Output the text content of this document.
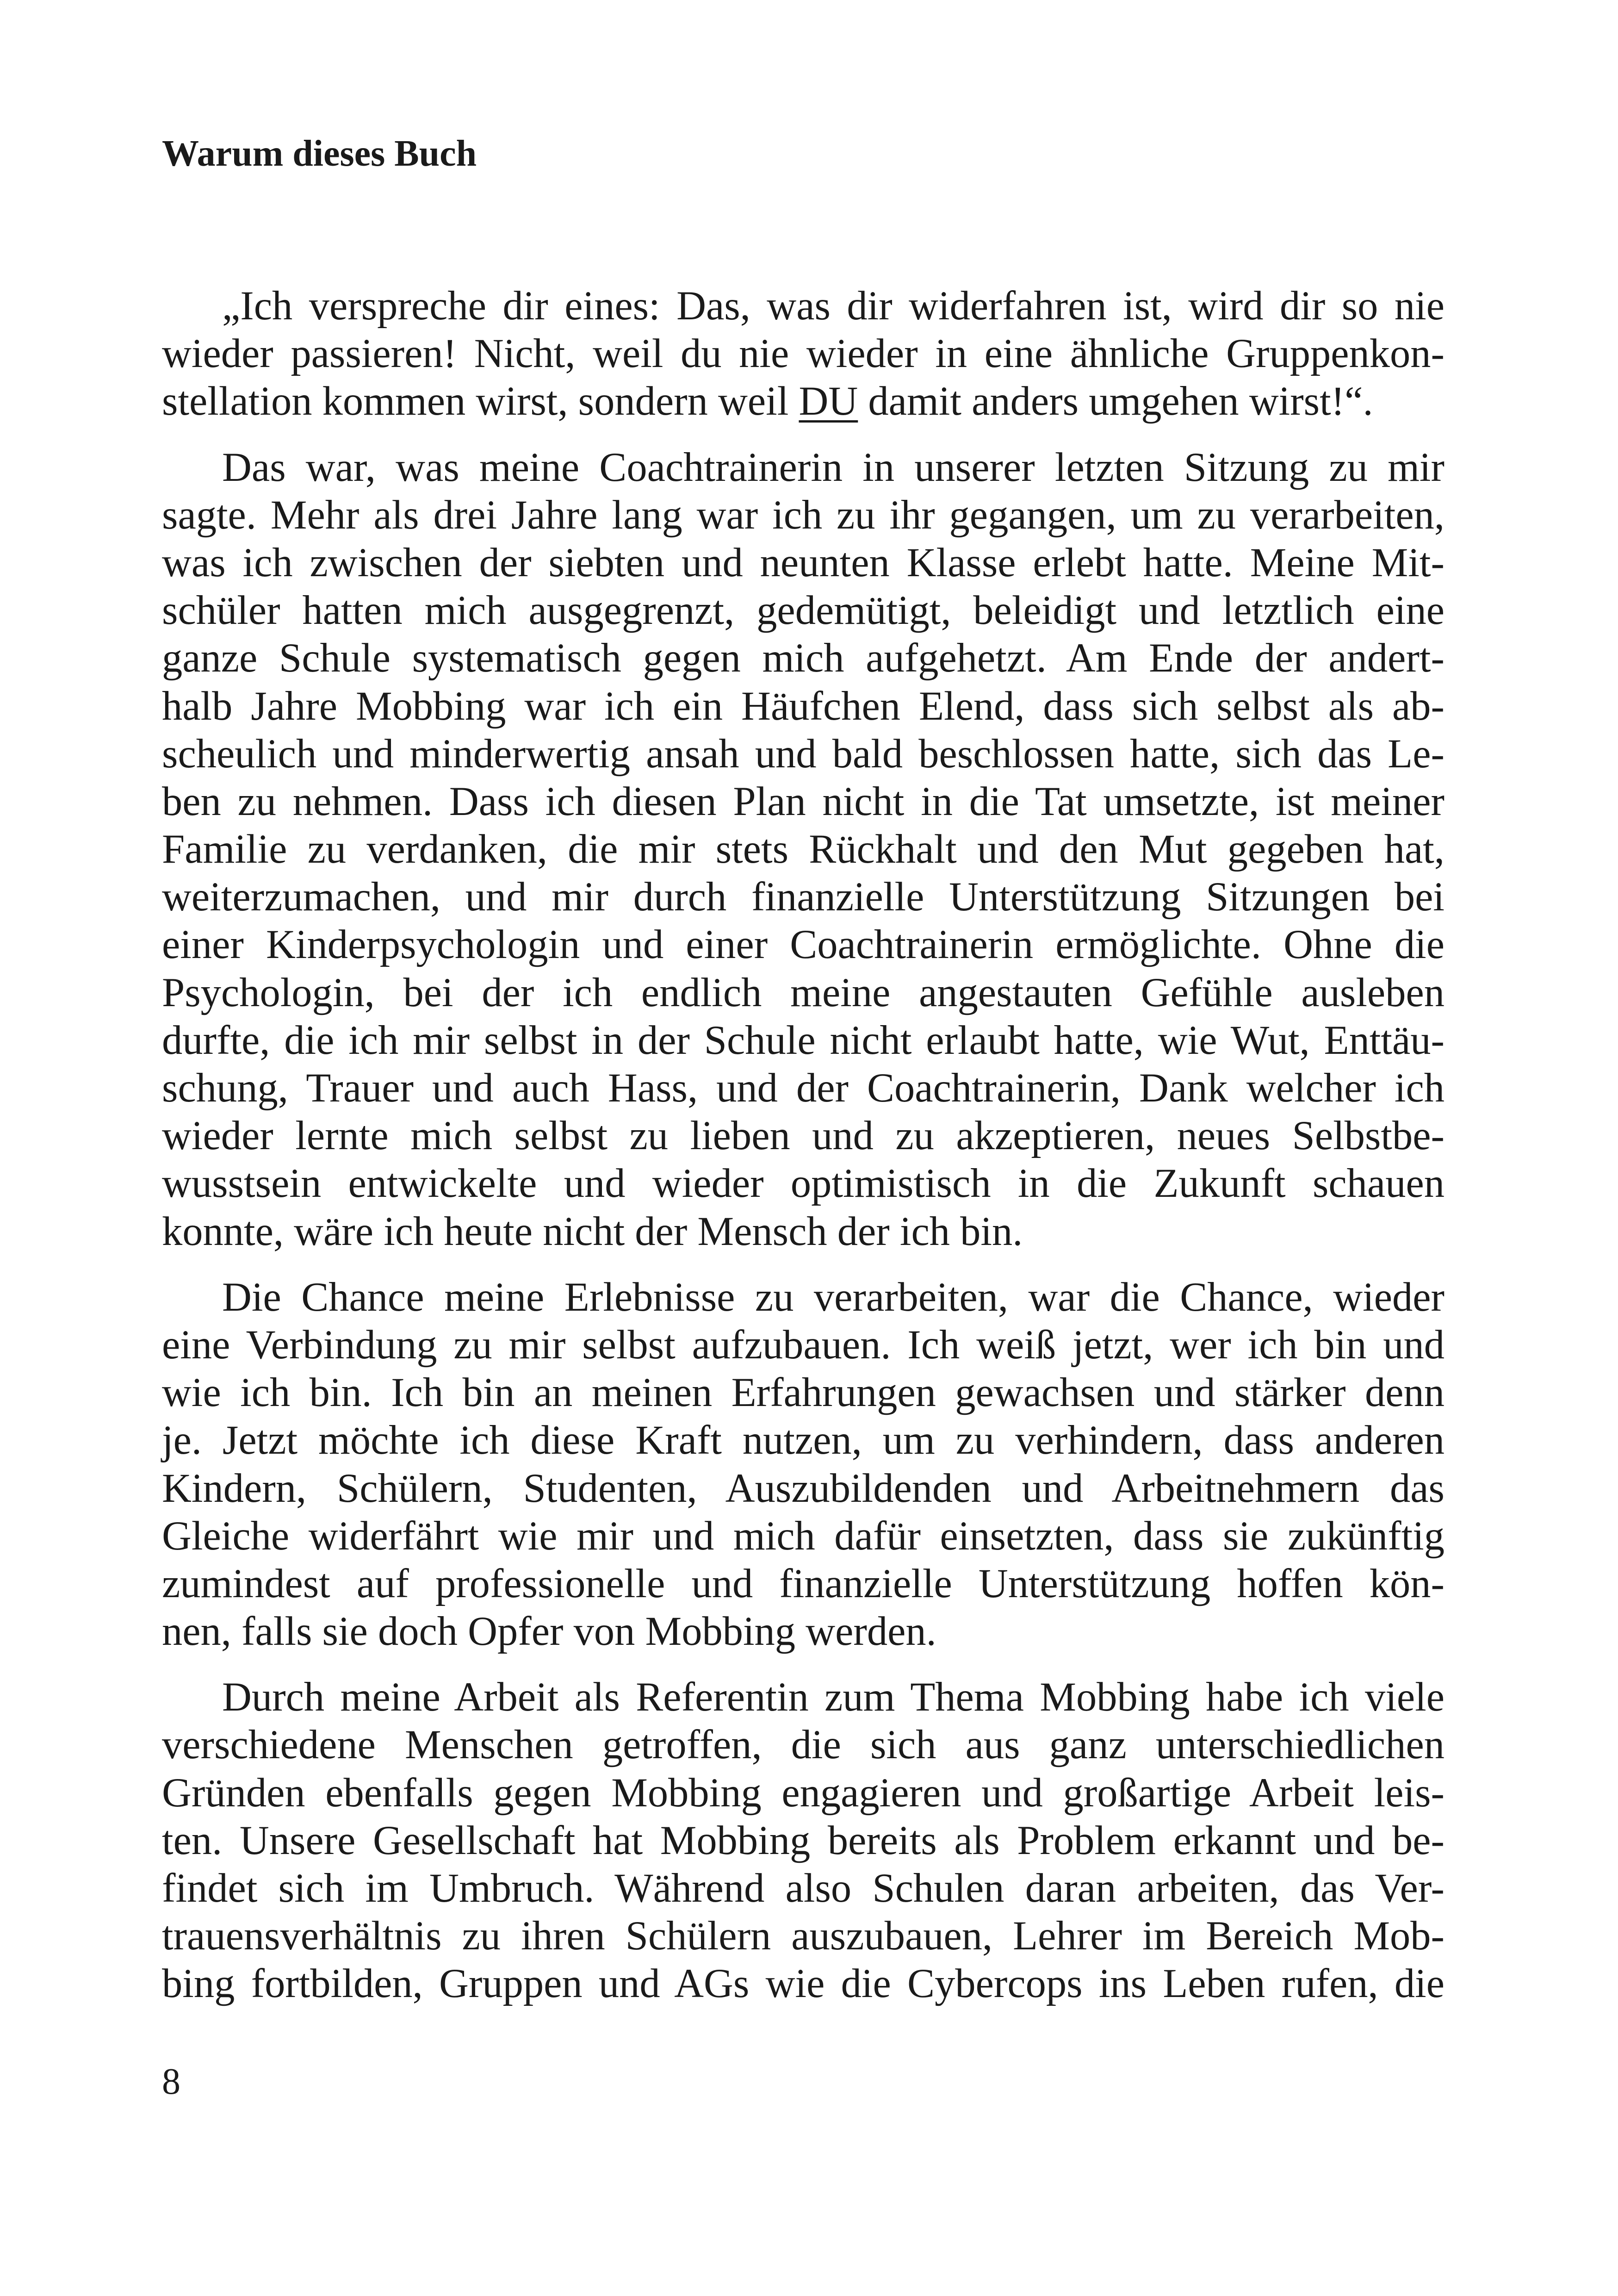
Warum dieses Buch

„Ich verspreche dir eines: Das, was dir widerfahren ist, wird dir so nie
wieder passieren! Nicht, weil du nie wieder in eine ähnliche Gruppenkon-
stellation kommen wirst, sondern weil DU damit anders umgehen wirst!“.

Das war, was meine Coachtrainerin in unserer letzten Sitzung zu mir
sagte. Mehr als drei Jahre lang war ich zu ihr gegangen, um zu verarbeiten,
was ich zwischen der siebten und neunten Klasse erlebt hatte. Meine Mit-
schüler hatten mich ausgegrenzt, gedemütigt, beleidigt und letztlich eine
ganze Schule systematisch gegen mich aufgehetzt. Am Ende der andert-
halb Jahre Mobbing war ich ein Häufchen Elend, dass sich selbst als ab-
scheulich und minderwertig ansah und bald beschlossen hatte, sich das Le-
ben zu nehmen. Dass ich diesen Plan nicht in die Tat umsetzte, ist meiner
Familie zu verdanken, die mir stets Rückhalt und den Mut gegeben hat,
weiterzumachen, und mir durch finanzielle Unterstützung Sitzungen bei
einer Kinderpsychologin und einer Coachtrainerin ermöglichte. Ohne die
Psychologin, bei der ich endlich meine angestauten Gefühle ausleben
durfte, die ich mir selbst in der Schule nicht erlaubt hatte, wie Wut, Enttäu-
schung, Trauer und auch Hass, und der Coachtrainerin, Dank welcher ich
wieder lernte mich selbst zu lieben und zu akzeptieren, neues Selbstbe-
wusstsein entwickelte und wieder optimistisch in die Zukunft schauen
konnte, wäre ich heute nicht der Mensch der ich bin.

Die Chance meine Erlebnisse zu verarbeiten, war die Chance, wieder
eine Verbindung zu mir selbst aufzubauen. Ich weiß jetzt, wer ich bin und
wie ich bin. Ich bin an meinen Erfahrungen gewachsen und stärker denn
je. Jetzt möchte ich diese Kraft nutzen, um zu verhindern, dass anderen
Kindern, Schülern, Studenten, Auszubildenden und Arbeitnehmern das
Gleiche widerfährt wie mir und mich dafür einsetzten, dass sie zukünftig
zumindest auf professionelle und finanzielle Unterstützung hoffen kön-
nen, falls sie doch Opfer von Mobbing werden.

Durch meine Arbeit als Referentin zum Thema Mobbing habe ich viele
verschiedene Menschen getroffen, die sich aus ganz unterschiedlichen
Gründen ebenfalls gegen Mobbing engagieren und großartige Arbeit leis-
ten. Unsere Gesellschaft hat Mobbing bereits als Problem erkannt und be-
findet sich im Umbruch. Während also Schulen daran arbeiten, das Ver-
trauensverhältnis zu ihren Schülern auszubauen, Lehrer im Bereich Mob-
bing fortbilden, Gruppen und AGs wie die Cybercops ins Leben rufen, die

8
